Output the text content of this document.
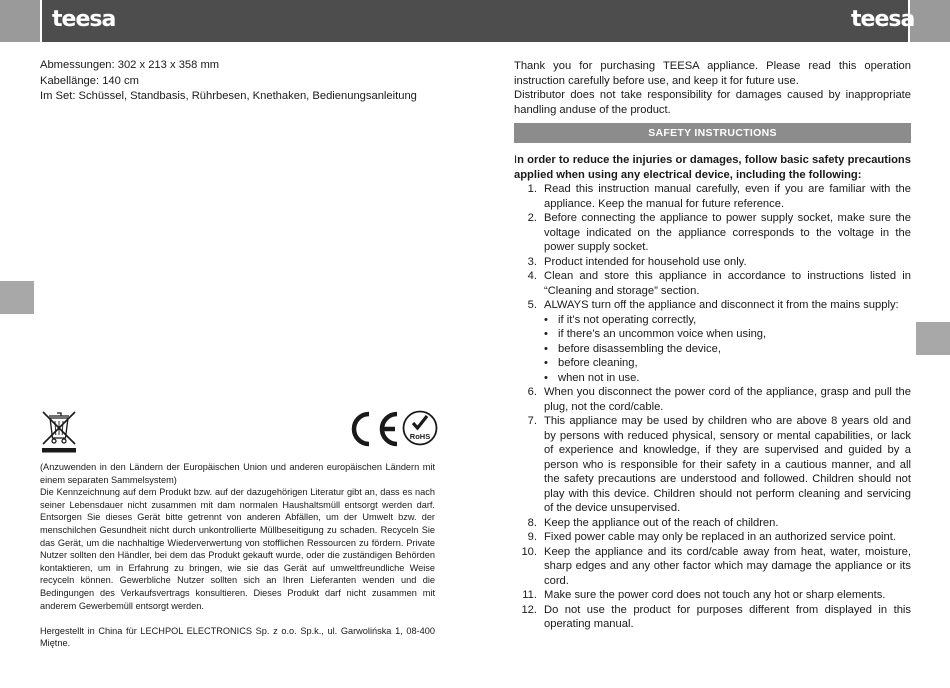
teesa	teesa
Abmessungen: 302 x 213 x 358 mm
Kabellänge: 140 cm
Im Set: Schüssel, Standbasis, Rührbesen, Knethaken, Bedienungsanleitung
RoHS

(Anzuwenden in den Ländern der Europäischen Union und anderen europäischen Ländern mit einem separaten Sammelsystem)

Die Kennzeichnung auf dem Produkt bzw. auf der dazugehörigen Literatur gibt an, dass es nach seiner Lebensdauer nicht zusammen mit dam normalen Haushaltsmüll entsorgt werden darf. Entsorgen Sie dieses Gerät bitte getrennt von anderen Abfällen, um der Umwelt bzw. der menschilchen Gesundheit nicht durch unkontrollierte Müllbeseitigung zu schaden. Recyceln Sie das Gerät, um die nachhaltige Wiederverwertung von stofflichen Ressourcen zu fördern. Private Nutzer sollten den Händler, bei dem das Produkt gekauft wurde, oder die zuständigen Behörden kontaktieren, um in Erfahrung zu bringen, wie sie das Gerät auf umweltfreundliche Weise recyceln können. Gewerbliche Nutzer sollten sich an Ihren Lieferanten wenden und die Bedingungen des Verkaufsvertrags konsultieren. Dieses Produkt darf nicht zusammen mit anderem Gewerbemüll entsorgt werden.

Hergestellt in China für LECHPOL ELECTRONICS Sp. z o.o. Sp.k., ul. Garwolińska 1, 08-400 Miętne.

Thank you for purchasing TEESA appliance. Please read this operation instruction carefully before use, and keep it for future use.

Distributor does not take responsibility for damages caused by inappropriate handling anduse of the product.

SAFETY INSTRUCTIONS

In order to reduce the injuries or damages, follow basic safety precautions applied when using any electrical device, including the following:

1. Read this instruction manual carefully, even if you are familiar with the appliance. Keep the manual for future reference.
2. Before connecting the appliance to power supply socket, make sure the voltage indicated on the appliance corresponds to the voltage in the power supply socket.
3. Product intended for household use only.
4. Clean and store this appliance in accordance to instructions listed in “Cleaning and storage” section.
5. ALWAYS turn off the appliance and disconnect it from the mains supply:
• if it’s not operating correctly,
• if there’s an uncommon voice when using,
• before disassembling the device,
• before cleaning,
• when not in use.
6. When you disconnect the power cord of the appliance, grasp and pull the plug, not the cord/cable.
7. This appliance may be used by children who are above 8 years old and by persons with reduced physical, sensory or mental capabilities, or lack of experience and knowledge, if they are supervised and guided by a person who is responsible for their safety in a cautious manner, and all the safety precautions are understood and followed. Children should not play with this device. Children should not perform cleaning and servicing of the device unsupervised.
8. Keep the appliance out of the reach of children.
9. Fixed power cable may only be replaced in an authorized service point.
10. Keep the appliance and its cord/cable away from heat, water, moisture, sharp edges and any other factor which may damage the appliance or its cord.
11. Make sure the power cord does not touch any hot or sharp elements.
12. Do not use the product for purposes different from displayed in this operating manual.
